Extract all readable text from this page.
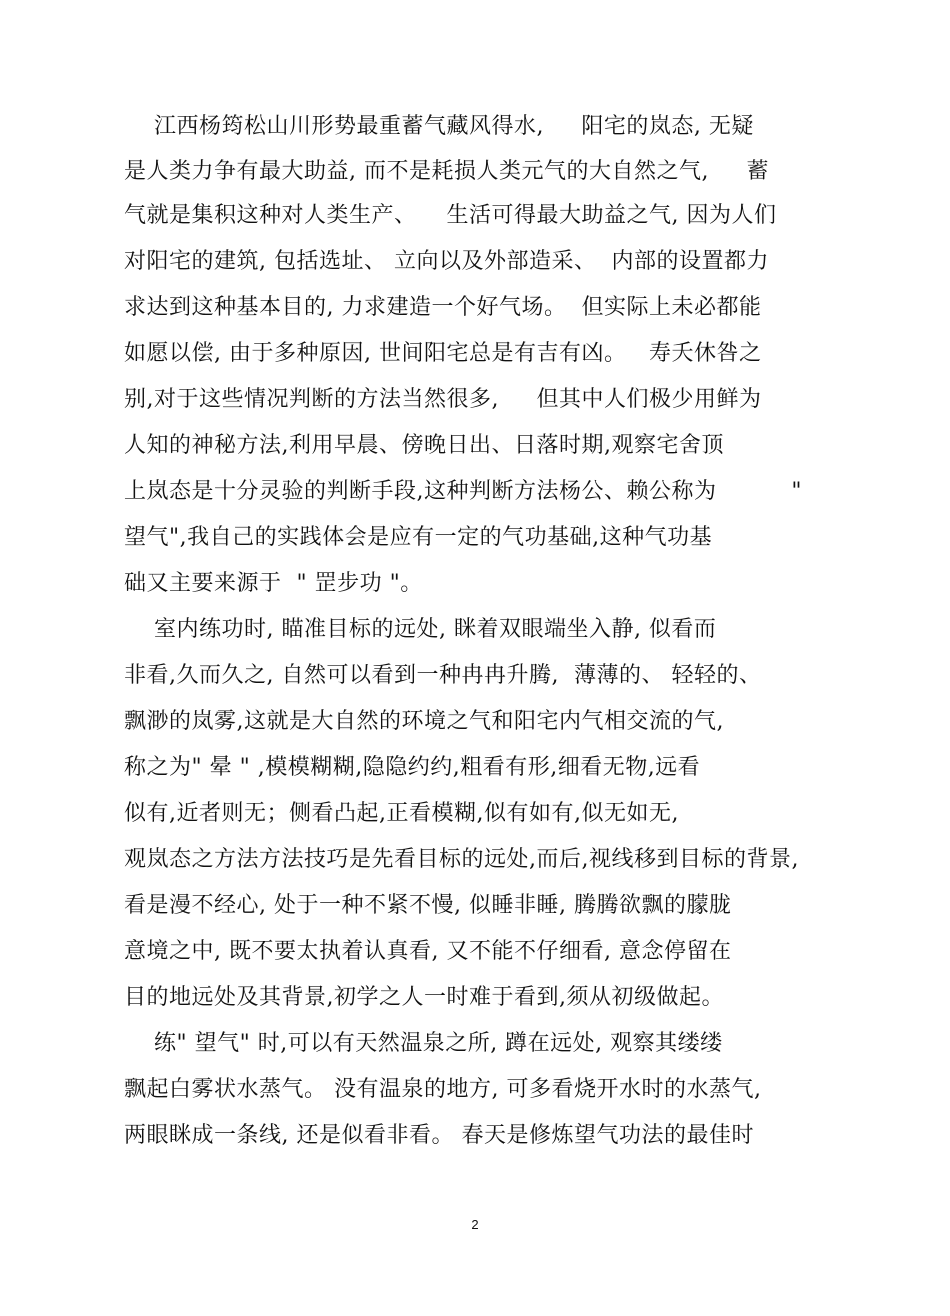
江西杨筠松山川形势最重蓄气藏风得水,     阳宅的岚态, 无疑
是人类力争有最大助益, 而不是耗损人类元气的大自然之气,     蓄
气就是集积这种对人类生产、    生活可得最大助益之气, 因为人们
对阳宅的建筑, 包括选址、 立向以及外部造采、  内部的设置都力
求达到这种基本目的, 力求建造一个好气场。  但实际上未必都能
如愿以偿, 由于多种原因, 世间阳宅总是有吉有凶。   寿夭休咎之
别,对于这些情况判断的方法当然很多,     但其中人们极少用鲜为
人知的神秘方法,利用早晨、傍晚日出、日落时期,观察宅舍顶
上岚态是十分灵验的判断手段,这种判断方法杨公、赖公称为          "
望气",我自己的实践体会是应有一定的气功基础,这种气功基
础又主要来源于  " 罡步功 "。
室内练功时, 瞄准目标的远处, 眯着双眼端坐入静, 似看而
非看,久而久之, 自然可以看到一种冉冉升腾,  薄薄的、 轻轻的、
飘渺的岚雾,这就是大自然的环境之气和阳宅内气相交流的气,
称之为" 晕 " ,模模糊糊,隐隐约约,粗看有形,细看无物,远看
似有,近者则无；侧看凸起,正看模糊,似有如有,似无如无,
观岚态之方法方法技巧是先看目标的远处,而后,视线移到目标的背景,
看是漫不经心, 处于一种不紧不慢, 似睡非睡, 腾腾欲飘的朦胧
意境之中, 既不要太执着认真看, 又不能不仔细看, 意念停留在
目的地远处及其背景,初学之人一时难于看到,须从初级做起。
练" 望气" 时,可以有天然温泉之所, 蹲在远处, 观察其缕缕
飘起白雾状水蒸气。 没有温泉的地方, 可多看烧开水时的水蒸气,
两眼眯成一条线, 还是似看非看。 春天是修炼望气功法的最佳时
2
